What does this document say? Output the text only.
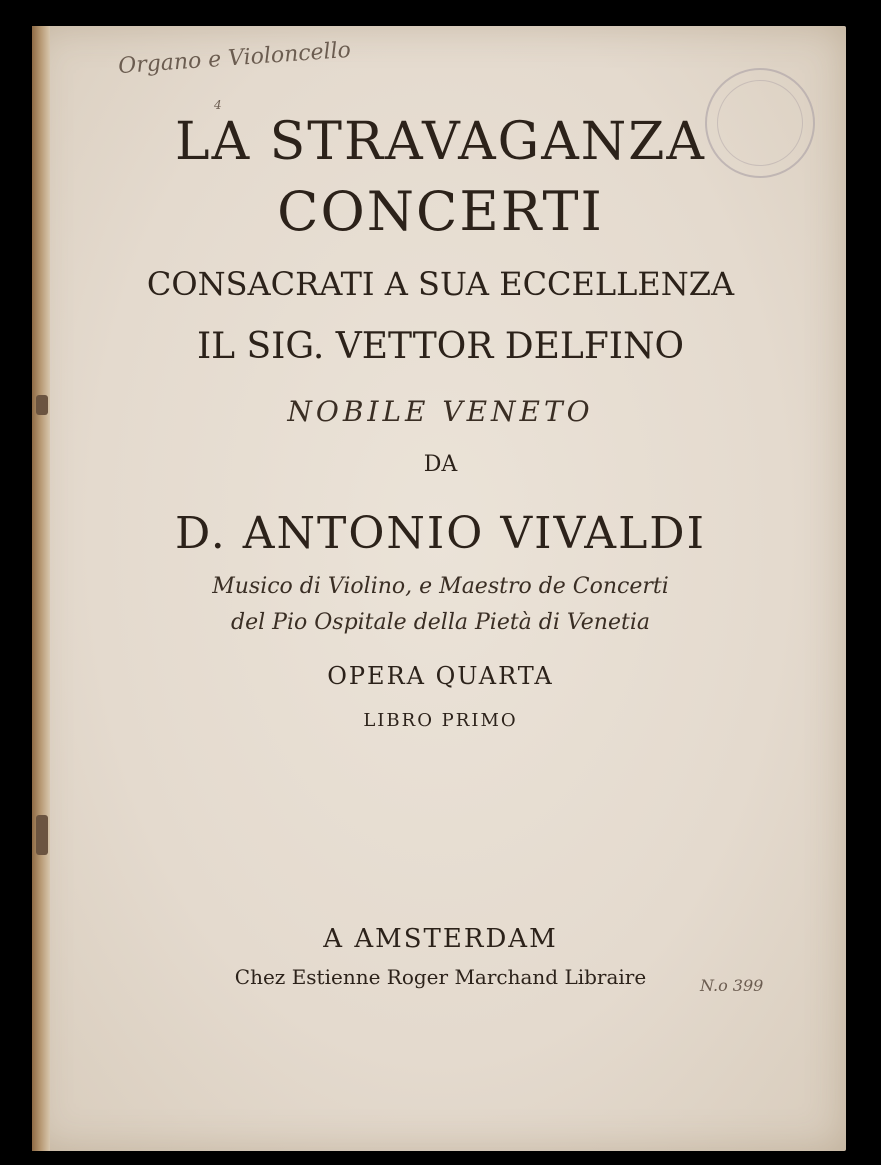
Organo e Violoncello
4
LA STRAVAGANZA
CONCERTI
CONSACRATI A SUA ECCELLENZA
IL SIG. VETTOR DELFINO
NOBILE VENETO
DA
D. ANTONIO VIVALDI
Musico di Violino, e Maestro de Concerti
del Pio Ospitale della Pietà di Venetia
OPERA QUARTA
LIBRO PRIMO
A AMSTERDAM
Chez Estienne Roger Marchand Libraire	N.o 399
